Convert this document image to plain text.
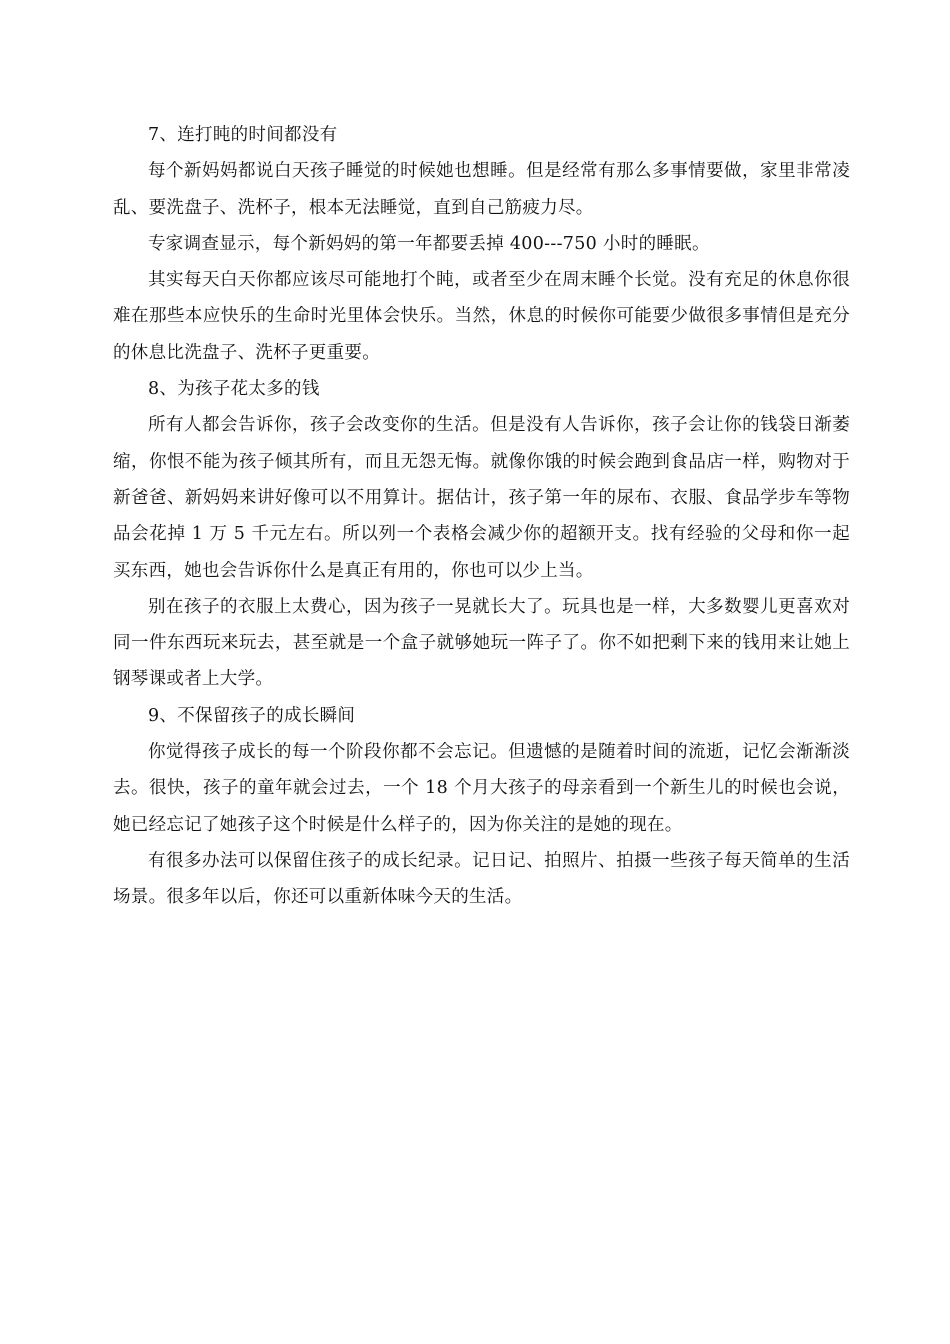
7、连打盹的时间都没有

每个新妈妈都说白天孩子睡觉的时候她也想睡。但是经常有那么多事情要做，家里非常凌乱、要洗盘子、洗杯子，根本无法睡觉，直到自己筋疲力尽。

专家调查显示，每个新妈妈的第一年都要丢掉 400---750 小时的睡眠。

其实每天白天你都应该尽可能地打个盹，或者至少在周末睡个长觉。没有充足的休息你很难在那些本应快乐的生命时光里体会快乐。当然，休息的时候你可能要少做很多事情但是充分的休息比洗盘子、洗杯子更重要。

8、为孩子花太多的钱

所有人都会告诉你，孩子会改变你的生活。但是没有人告诉你，孩子会让你的钱袋日渐萎缩，你恨不能为孩子倾其所有，而且无怨无悔。就像你饿的时候会跑到食品店一样，购物对于新爸爸、新妈妈来讲好像可以不用算计。据估计，孩子第一年的尿布、衣服、食品学步车等物品会花掉 1 万 5 千元左右。所以列一个表格会减少你的超额开支。找有经验的父母和你一起买东西，她也会告诉你什么是真正有用的，你也可以少上当。

别在孩子的衣服上太费心，因为孩子一晃就长大了。玩具也是一样，大多数婴儿更喜欢对同一件东西玩来玩去，甚至就是一个盒子就够她玩一阵子了。你不如把剩下来的钱用来让她上钢琴课或者上大学。

9、不保留孩子的成长瞬间

你觉得孩子成长的每一个阶段你都不会忘记。但遗憾的是随着时间的流逝，记忆会渐渐淡去。很快，孩子的童年就会过去，一个 18 个月大孩子的母亲看到一个新生儿的时候也会说，她已经忘记了她孩子这个时候是什么样子的，因为你关注的是她的现在。

有很多办法可以保留住孩子的成长纪录。记日记、拍照片、拍摄一些孩子每天简单的生活场景。很多年以后，你还可以重新体味今天的生活。
